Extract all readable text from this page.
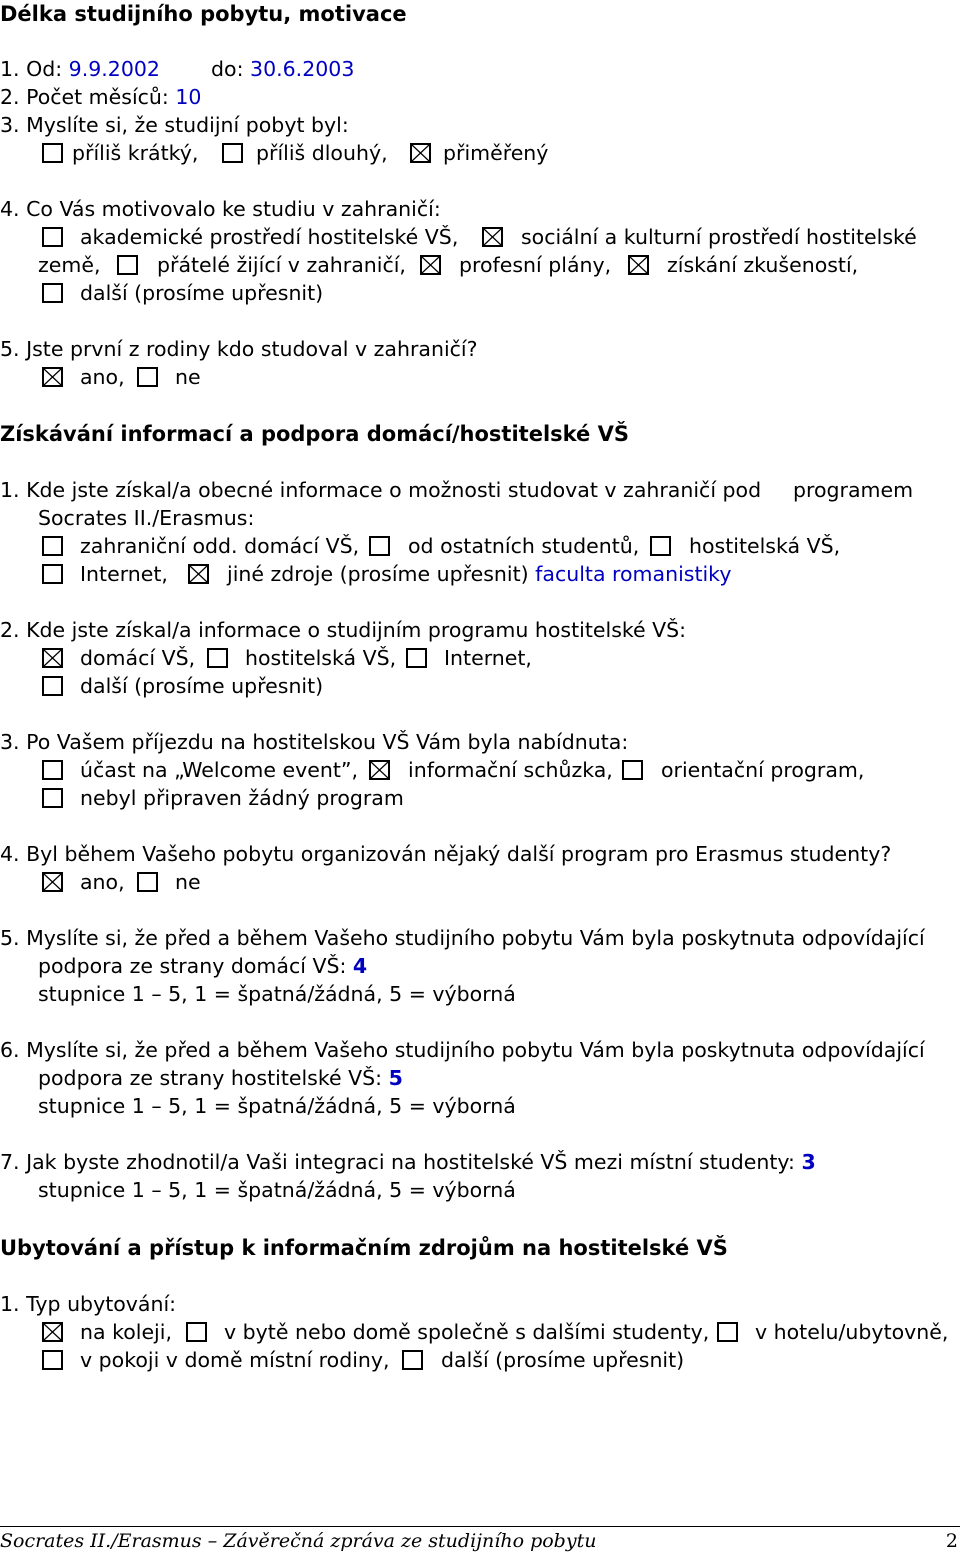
Délka studijního pobytu, motivace
1. Od: 9.9.2002 do: 30.6.2003
2. Počet měsíců: 10
3. Myslíte si, že studijní pobyt byl:
příliš krátký,	příliš dlouhý,	přiměřený
4. Co Vás motivovalo ke studiu v zahraničí:
akademické prostředí hostitelské VŠ,	sociální a kulturní prostředí hostitelské
země,	přátelé žijící v zahraničí,	profesní plány,	získání zkušeností,
další (prosíme upřesnit)
5. Jste první z rodiny kdo studoval v zahraničí?
ano, ne
Získávání informací a podpora domácí/hostitelské VŠ
1. Kde jste získal/a obecné informace o možnosti studovat v zahraničí pod programem
Socrates II./Erasmus:
zahraniční odd. domácí VŠ, od ostatních studentů, hostitelská VŠ,
Internet,	jiné zdroje (prosíme upřesnit) faculta romanistiky
2. Kde jste získal/a informace o studijním programu hostitelské VŠ:
domácí VŠ, hostitelská VŠ, Internet,
další (prosíme upřesnit)
3. Po Vašem příjezdu na hostitelskou VŠ Vám byla nabídnuta:
účast na „Welcome event”, informační schůzka, orientační program,
nebyl připraven žádný program
4. Byl během Vašeho pobytu organizován nějaký další program pro Erasmus studenty?
ano, ne
5. Myslíte si, že před a během Vašeho studijního pobytu Vám byla poskytnuta odpovídající
podpora ze strany domácí VŠ: 4
stupnice 1 – 5, 1 = špatná/žádná, 5 = výborná
6. Myslíte si, že před a během Vašeho studijního pobytu Vám byla poskytnuta odpovídající
podpora ze strany hostitelské VŠ: 5
stupnice 1 – 5, 1 = špatná/žádná, 5 = výborná
7. Jak byste zhodnotil/a Vaši integraci na hostitelské VŠ mezi místní studenty: 3
stupnice 1 – 5, 1 = špatná/žádná, 5 = výborná
Ubytování a přístup k informačním zdrojům na hostitelské VŠ
1. Typ ubytování:
na koleji,	v bytě nebo domě společně s dalšími studenty, v hotelu/ubytovně,
v pokoji v domě místní rodiny,	další (prosíme upřesnit)
Socrates II./Erasmus – Závěrečná zpráva ze studijního pobytu	2
